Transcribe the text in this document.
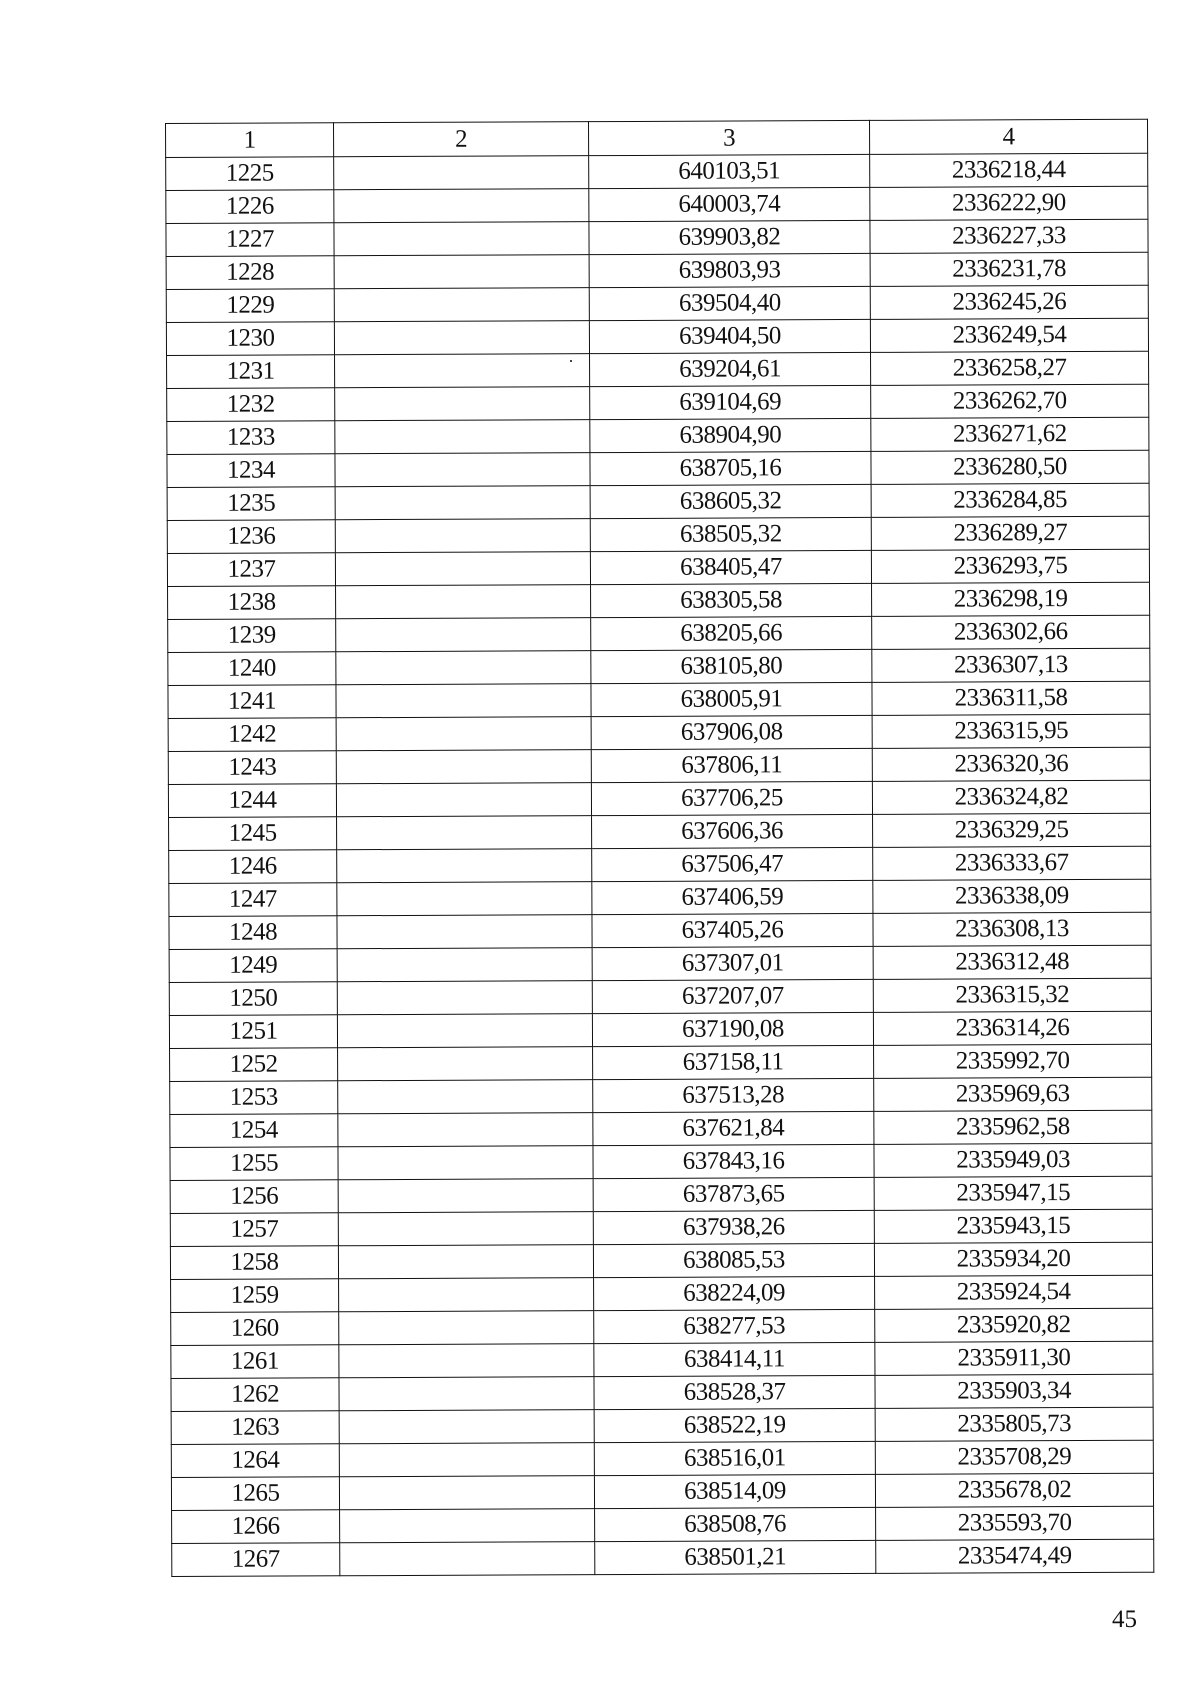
1	2	3	4
1225		640103,51	2336218,44
1226		640003,74	2336222,90
1227		639903,82	2336227,33
1228		639803,93	2336231,78
1229		639504,40	2336245,26
1230		639404,50	2336249,54
1231		639204,61	2336258,27
1232		639104,69	2336262,70
1233		638904,90	2336271,62
1234		638705,16	2336280,50
1235		638605,32	2336284,85
1236		638505,32	2336289,27
1237		638405,47	2336293,75
1238		638305,58	2336298,19
1239		638205,66	2336302,66
1240		638105,80	2336307,13
1241		638005,91	2336311,58
1242		637906,08	2336315,95
1243		637806,11	2336320,36
1244		637706,25	2336324,82
1245		637606,36	2336329,25
1246		637506,47	2336333,67
1247		637406,59	2336338,09
1248		637405,26	2336308,13
1249		637307,01	2336312,48
1250		637207,07	2336315,32
1251		637190,08	2336314,26
1252		637158,11	2335992,70
1253		637513,28	2335969,63
1254		637621,84	2335962,58
1255		637843,16	2335949,03
1256		637873,65	2335947,15
1257		637938,26	2335943,15
1258		638085,53	2335934,20
1259		638224,09	2335924,54
1260		638277,53	2335920,82
1261		638414,11	2335911,30
1262		638528,37	2335903,34
1263		638522,19	2335805,73
1264		638516,01	2335708,29
1265		638514,09	2335678,02
1266		638508,76	2335593,70
1267		638501,21	2335474,49
45
